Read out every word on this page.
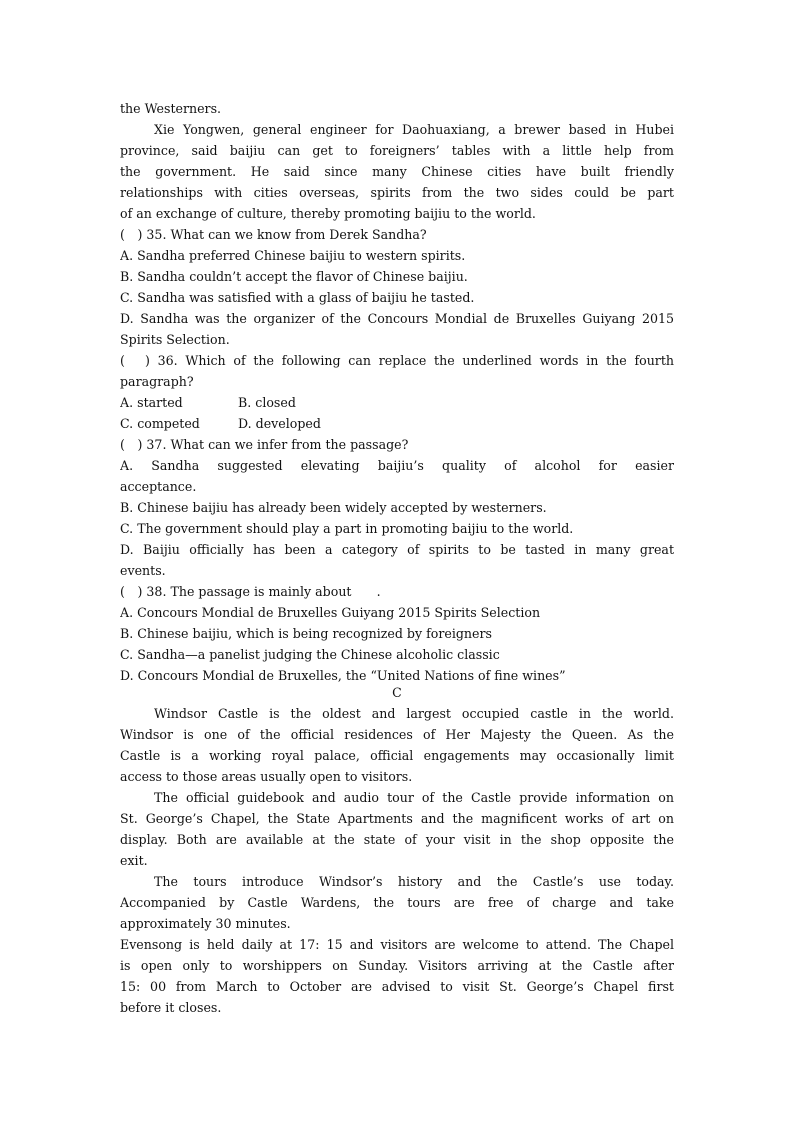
the Westerners.
Xie Yongwen, general engineer for Daohuaxiang, a brewer based in Hubei
province, said baijiu can get to foreigners’ tables with a little help from
the government. He said since many Chinese cities have built friendly
relationships with cities overseas, spirits from the two sides could be part
of an exchange of culture, thereby promoting baijiu to the world.
(　) 35. What can we know from Derek Sandha?
A. Sandha preferred Chinese baijiu to western spirits.
B. Sandha couldn’t accept the flavor of Chinese baijiu.
C. Sandha was satisfied with a glass of baijiu he tasted.
D. Sandha was the organizer of the Concours Mondial de Bruxelles Guiyang 2015
Spirits Selection.
(　) 36. Which of the following can replace the underlined words in the fourth
paragraph?
A. started	B. closed
C. competed	D. developed
(　) 37. What can we infer from the passage?
A. Sandha suggested elevating baijiu’s quality of alcohol for easier
acceptance.
B. Chinese baijiu has already been widely accepted by westerners.
C. The government should play a part in promoting baijiu to the world.
D. Baijiu officially has been a category of spirits to be tasted in many great
events.
(　) 38. The passage is mainly about　　.
A. Concours Mondial de Bruxelles Guiyang 2015 Spirits Selection
B. Chinese baijiu, which is being recognized by foreigners
C. Sandha—a panelist judging the Chinese alcoholic classic
D. Concours Mondial de Bruxelles, the “United Nations of fine wines”
C
Windsor Castle is the oldest and largest occupied castle in the world.
Windsor is one of the official residences of Her Majesty the Queen. As the
Castle is a working royal palace, official engagements may occasionally limit
access to those areas usually open to visitors.
The official guidebook and audio tour of the Castle provide information on
St. George’s Chapel, the State Apartments and the magnificent works of art on
display. Both are available at the state of your visit in the shop opposite the
exit.
The tours introduce Windsor’s history and the Castle’s use today.
Accompanied by Castle Wardens, the tours are free of charge and take
approximately 30 minutes.
Evensong is held daily at 17: 15 and visitors are welcome to attend. The Chapel
is open only to worshippers on Sunday. Visitors arriving at the Castle after
15: 00 from March to October are advised to visit St. George’s Chapel first
before it closes.
